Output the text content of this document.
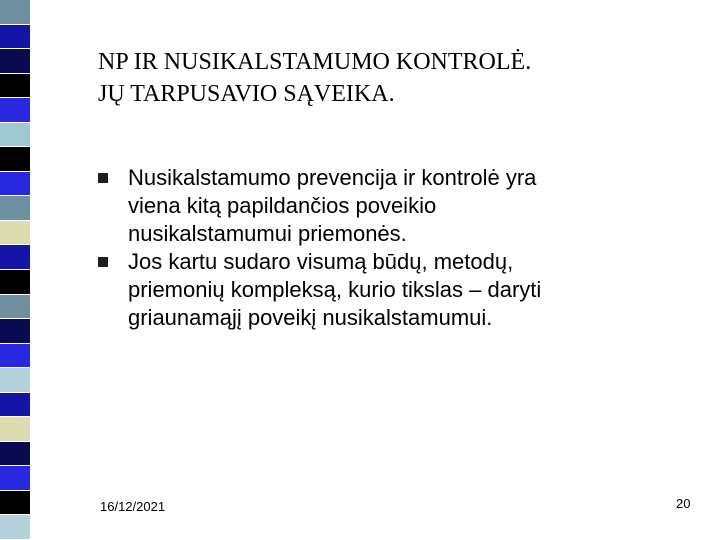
NP IR NUSIKALSTAMUMO KONTROLĖ.
JŲ TARPUSAVIO SĄVEIKA.
Nusikalstamumo prevencija ir kontrolė yra
viena kitą papildančios poveikio
nusikalstamumui priemonės.
Jos kartu sudaro visumą būdų, metodų,
priemonių kompleksą, kurio tikslas – daryti
griaunamąjį poveikį nusikalstamumui.
16/12/2021	20
